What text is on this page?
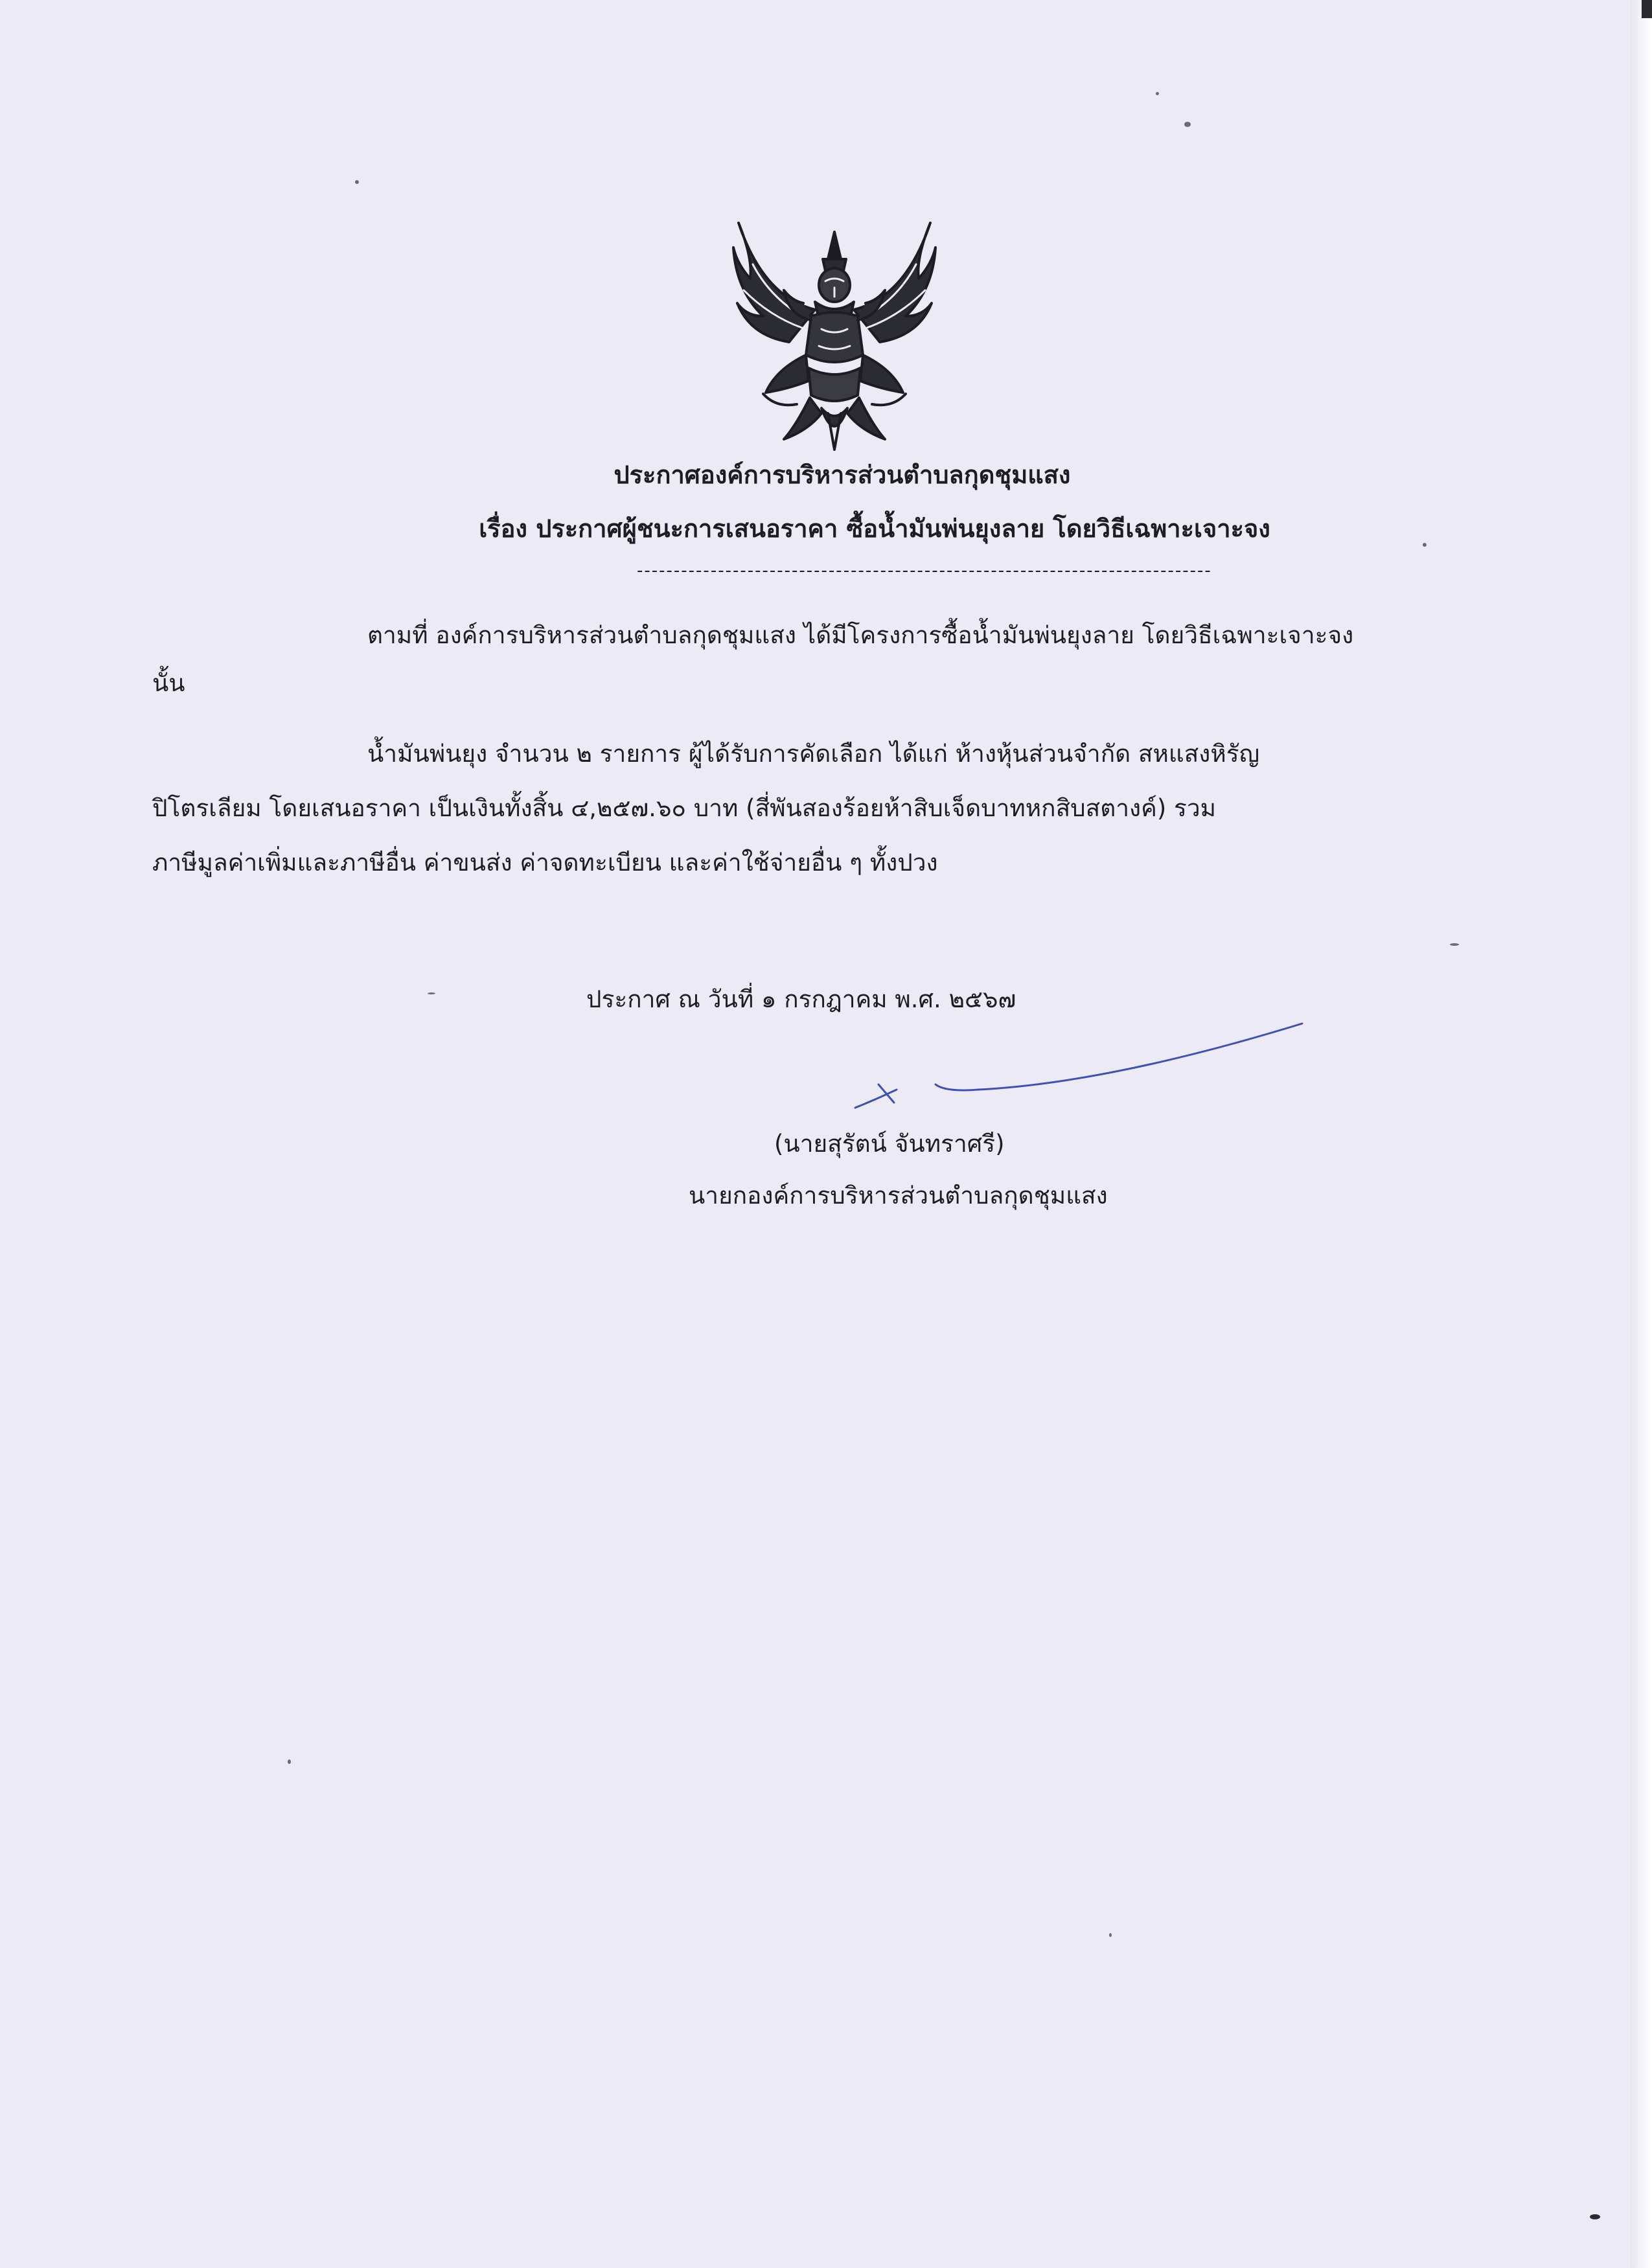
ประกาศองค์การบริหารส่วนตำบลกุดชุมแสง
เรื่อง ประกาศผู้ชนะการเสนอราคา ซื้อน้ำมันพ่นยุงลาย โดยวิธีเฉพาะเจาะจง
------------------------------------------------------------------------------
ตามที่ องค์การบริหารส่วนตำบลกุดชุมแสง ได้มีโครงการซื้อน้ำมันพ่นยุงลาย โดยวิธีเฉพาะเจาะจง
นั้น
น้ำมันพ่นยุง จำนวน ๒ รายการ ผู้ได้รับการคัดเลือก ได้แก่ ห้างหุ้นส่วนจำกัด สหแสงหิรัญ
ปิโตรเลียม โดยเสนอราคา เป็นเงินทั้งสิ้น ๔,๒๕๗.๖๐ บาท (สี่พันสองร้อยห้าสิบเจ็ดบาทหกสิบสตางค์) รวม
ภาษีมูลค่าเพิ่มและภาษีอื่น ค่าขนส่ง ค่าจดทะเบียน และค่าใช้จ่ายอื่น ๆ ทั้งปวง
ประกาศ ณ วันที่ ๑ กรกฎาคม พ.ศ. ๒๕๖๗
(นายสุรัตน์ จันทราศรี)
นายกองค์การบริหารส่วนตำบลกุดชุมแสง
